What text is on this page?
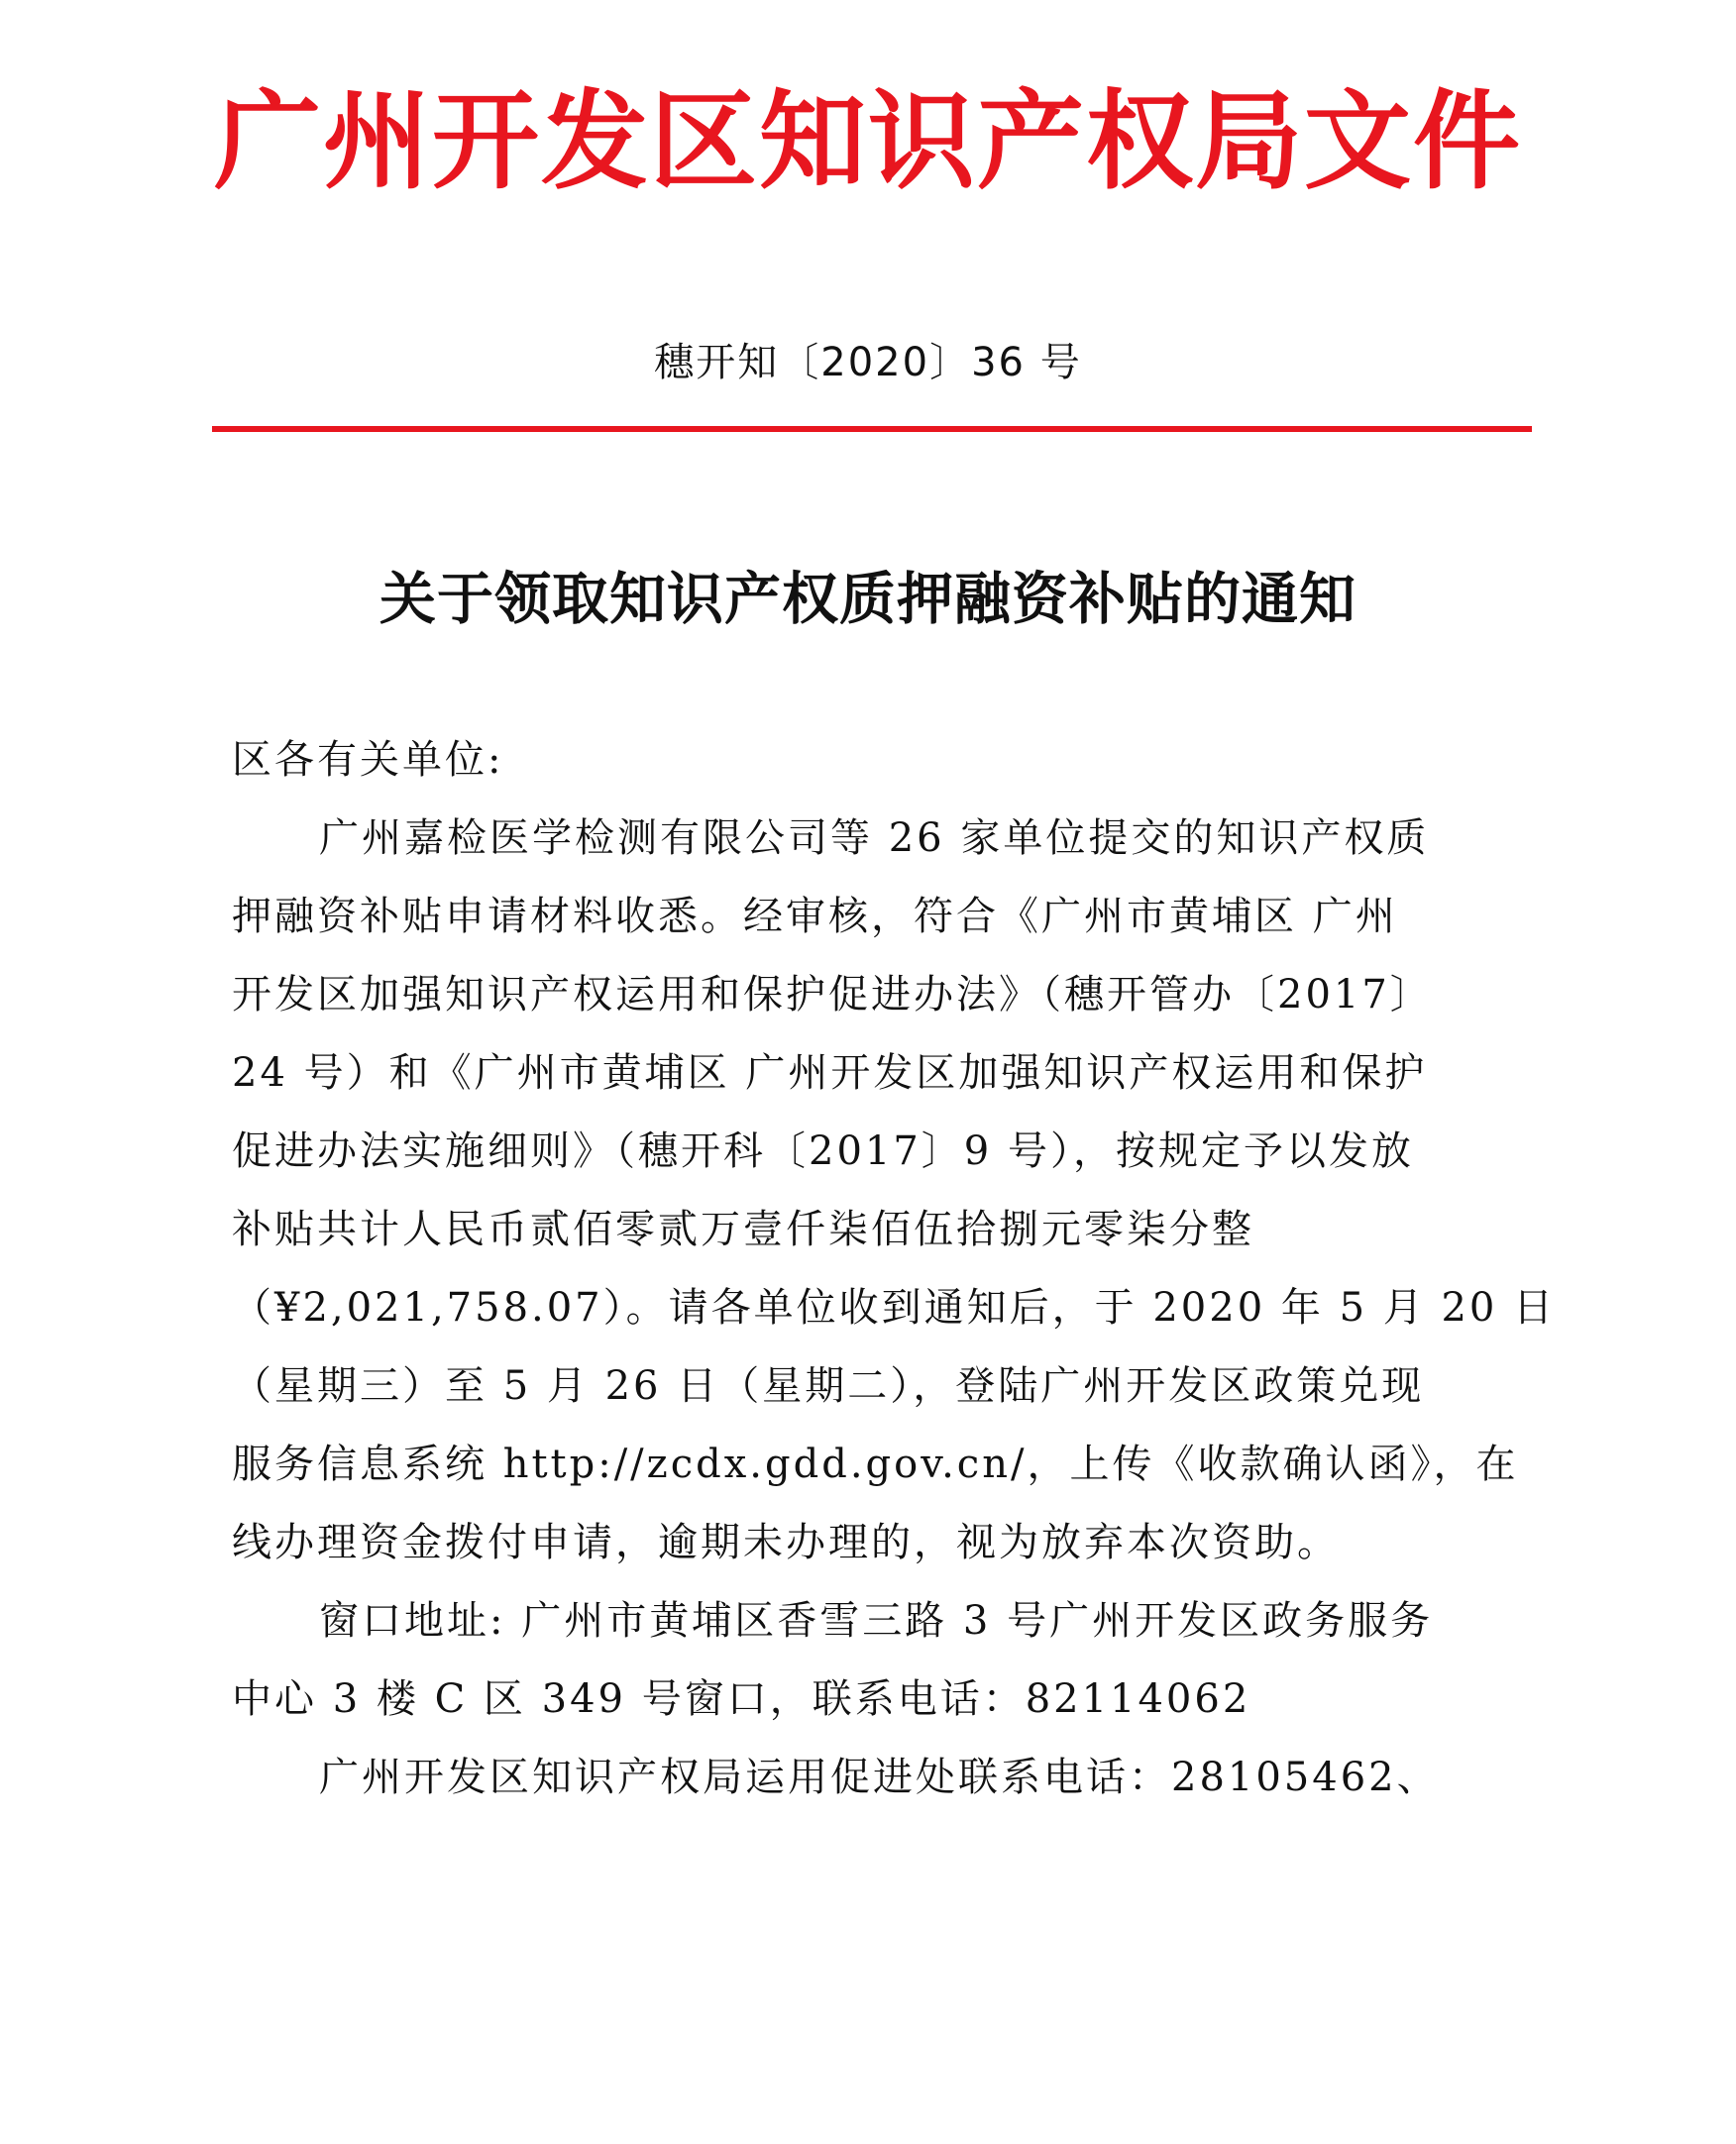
广州开发区知识产权局文件
穗开知〔2020〕36 号
关于领取知识产权质押融资补贴的通知
区各有关单位:
广州嘉检医学检测有限公司等 26 家单位提交的知识产权质
押融资补贴申请材料收悉。经审核，符合《广州市黄埔区 广州
开发区加强知识产权运用和保护促进办法》（穗开管办〔2017〕
24 号）和《广州市黄埔区 广州开发区加强知识产权运用和保护
促进办法实施细则》（穗开科〔2017〕9 号），按规定予以发放
补贴共计人民币贰佰零贰万壹仟柒佰伍拾捌元零柒分整
（¥2,021,758.07）。请各单位收到通知后，于 2020 年 5 月 20 日
（星期三）至 5 月 26 日（星期二），登陆广州开发区政策兑现
服务信息系统 http://zcdx.gdd.gov.cn/，上传《收款确认函》，在
线办理资金拨付申请，逾期未办理的，视为放弃本次资助。
窗口地址: 广州市黄埔区香雪三路 3 号广州开发区政务服务
中心 3 楼 C 区 349 号窗口，联系电话：82114062
广州开发区知识产权局运用促进处联系电话：28105462、
